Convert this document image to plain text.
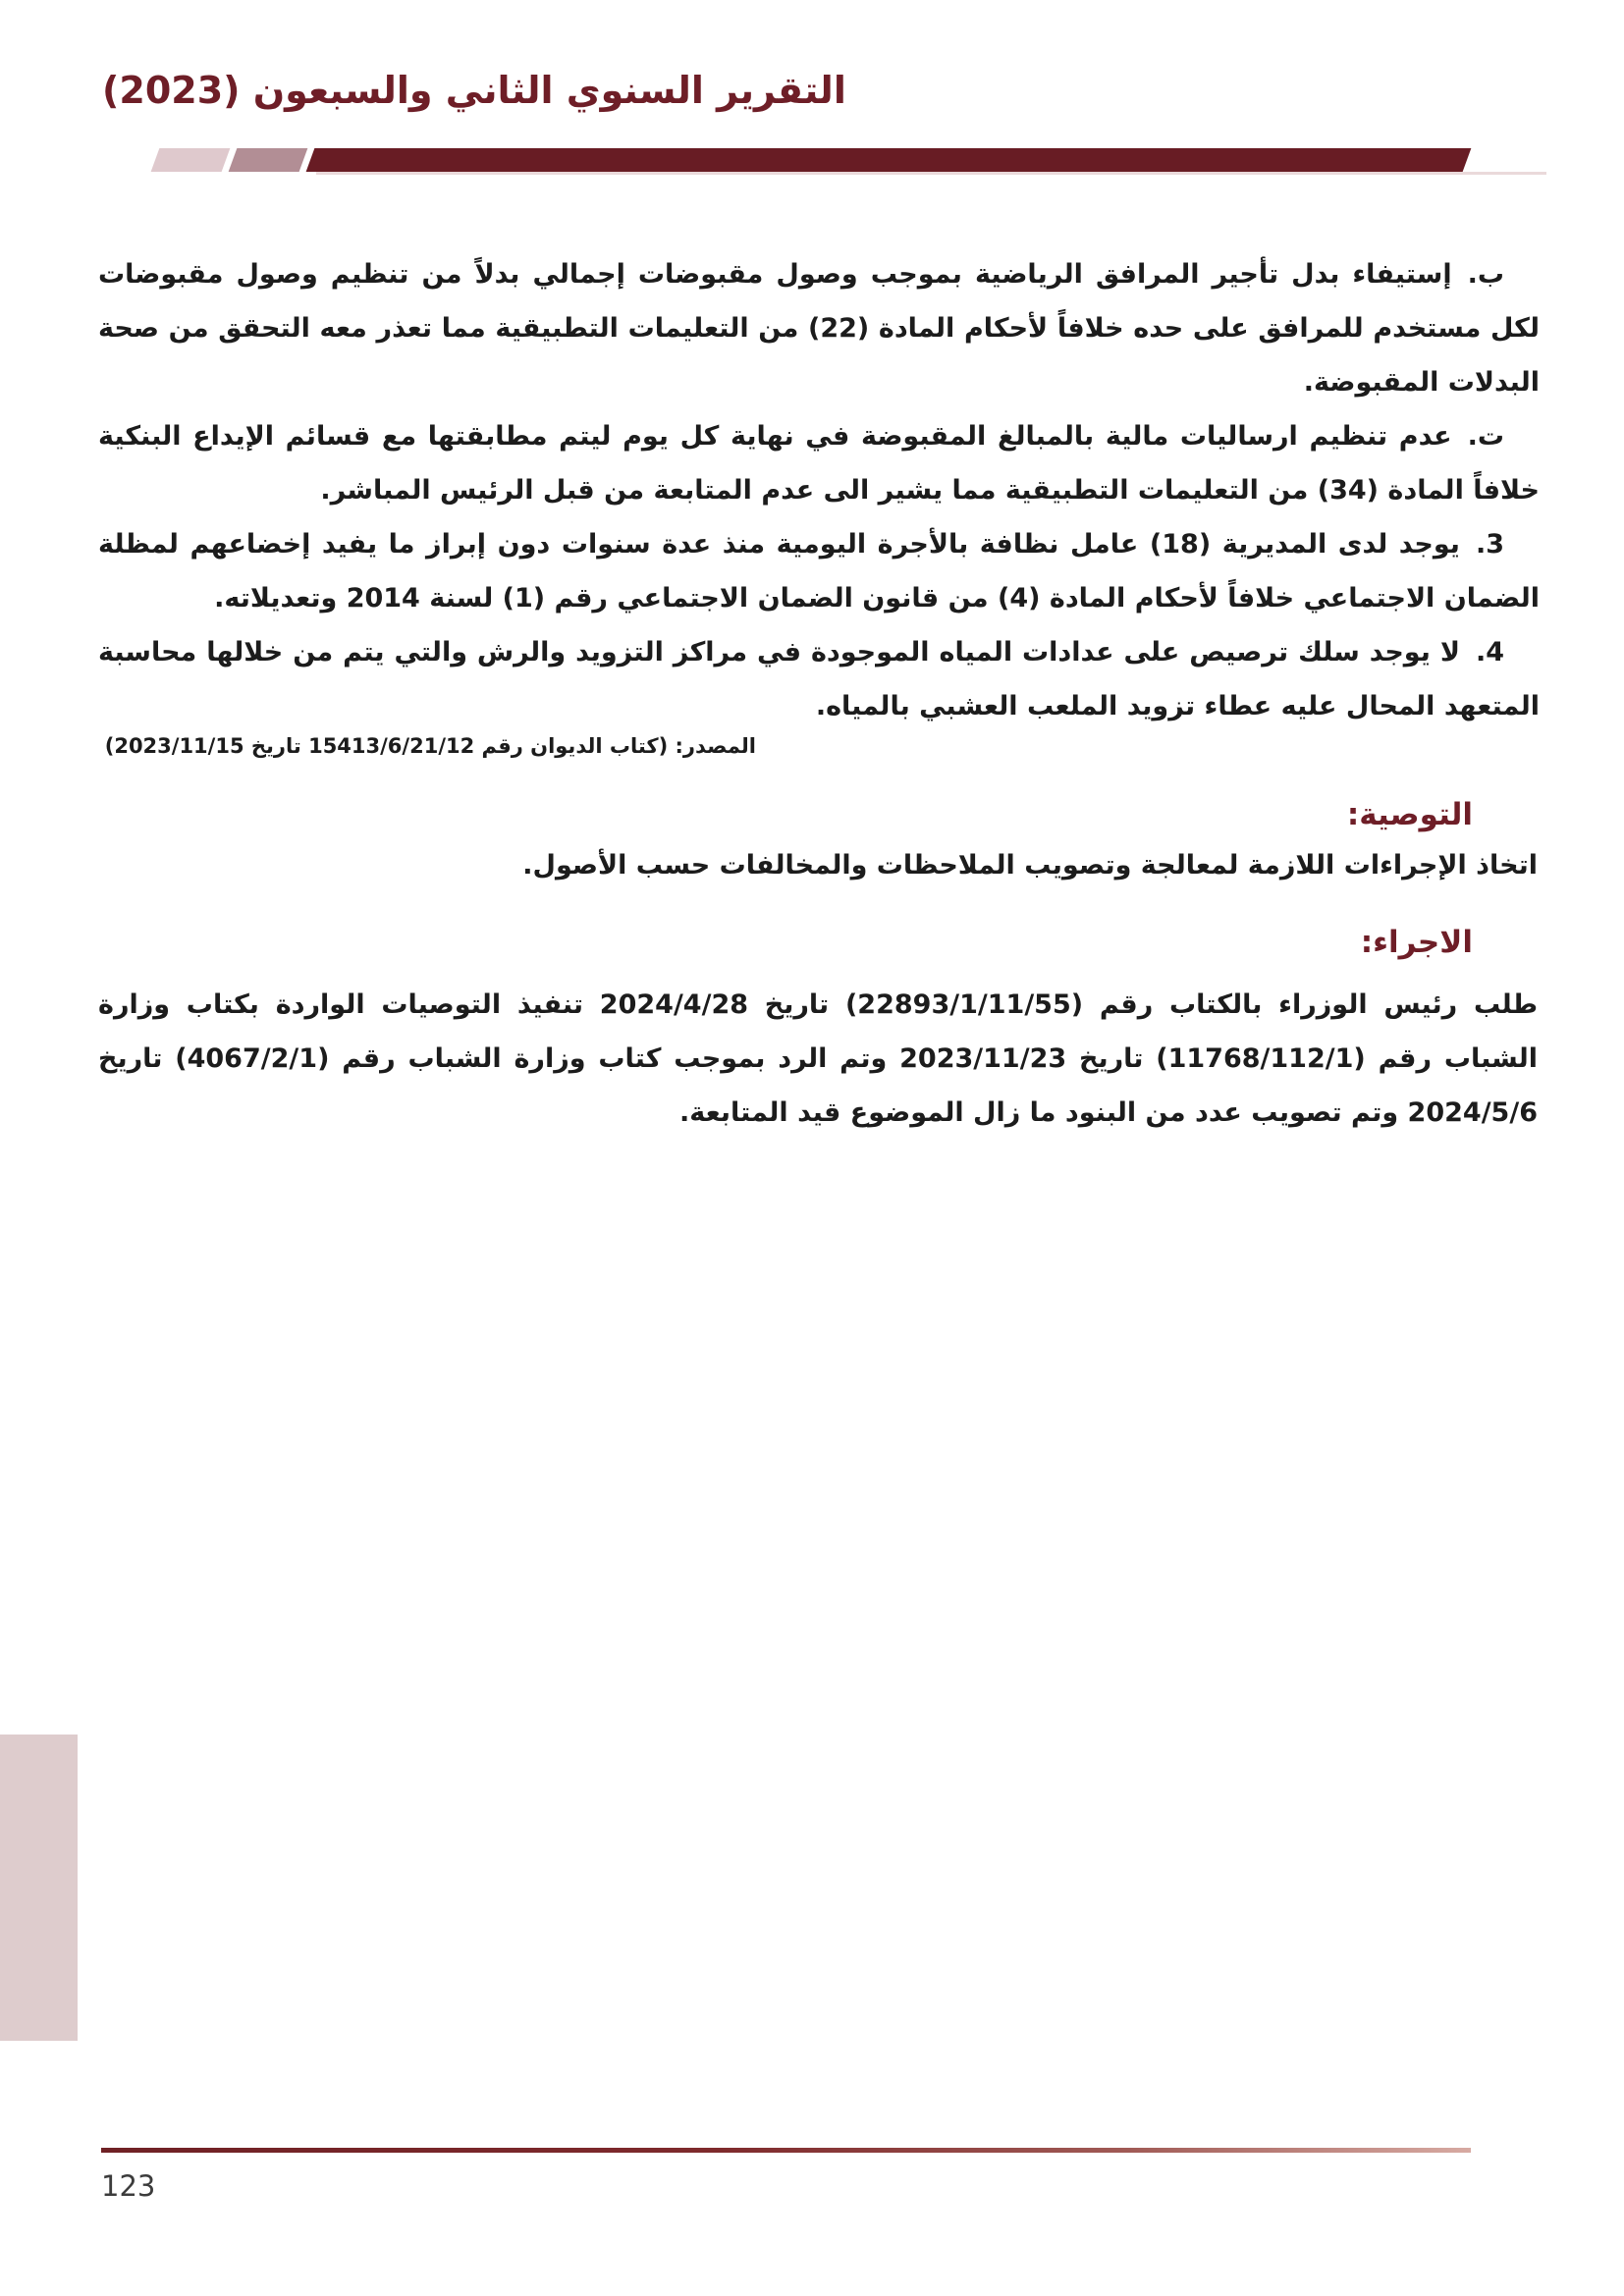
التقرير السنوي الثاني والسبعون (2023)

ب.إستيفاء بدل تأجير المرافق الرياضية بموجب وصول مقبوضات إجمالي بدلاً من تنظيم وصول مقبوضات لكل مستخدم للمرافق على حده خلافاً لأحكام المادة (22) من التعليمات التطبيقية مما تعذر معه التحقق من صحة البدلات المقبوضة.

ت.عدم تنظيم ارساليات مالية بالمبالغ المقبوضة في نهاية كل يوم ليتم مطابقتها مع قسائم الإيداع البنكية خلافاً المادة (34) من التعليمات التطبيقية مما يشير الى عدم المتابعة من قبل الرئيس المباشر.

3.يوجد لدى المديرية (18) عامل نظافة بالأجرة اليومية منذ عدة سنوات دون إبراز ما يفيد إخضاعهم لمظلة الضمان الاجتماعي خلافاً لأحكام المادة (4) من قانون الضمان الاجتماعي رقم (1) لسنة 2014 وتعديلاته.

4.لا يوجد سلك ترصيص على عدادات المياه الموجودة في مراكز التزويد والرش والتي يتم من خلالها محاسبة المتعهد المحال عليه عطاء تزويد الملعب العشبي بالمياه.

المصدر: (كتاب الديوان رقم 15413/6/21/12 تاريخ 2023/11/15)
التوصية:
اتخاذ الإجراءات اللازمة لمعالجة وتصويب الملاحظات والمخالفات حسب الأصول.
الاجراء:
طلب رئيس الوزراء بالكتاب رقم (22893/1/11/55) تاريخ 2024/4/28 تنفيذ التوصيات الواردة بكتاب وزارة الشباب رقم (11768/112/1) تاريخ 2023/11/23 وتم الرد بموجب كتاب وزارة الشباب رقم (4067/2/1) تاريخ 2024/5/6 وتم تصويب عدد من البنود ما زال الموضوع قيد المتابعة.
123
